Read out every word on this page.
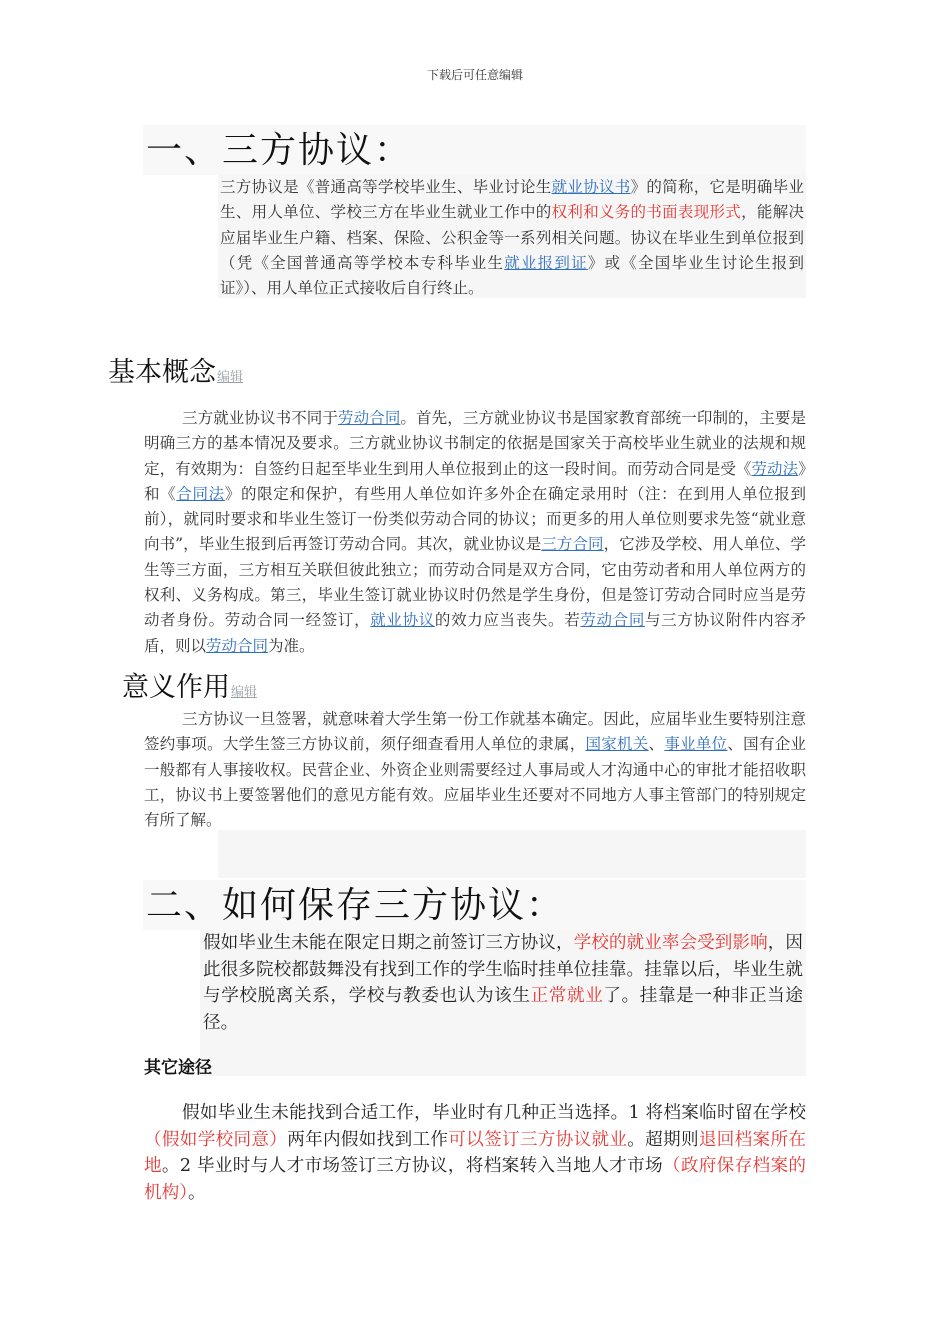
下载后可任意编辑
一、三方协议：
三方协议是《普通高等学校毕业生、毕业讨论生就业协议书》的简称，它是明确毕业生、用人单位、学校三方在毕业生就业工作中的权利和义务的书面表现形式，能解决应届毕业生户籍、档案、保险、公积金等一系列相关问题。协议在毕业生到单位报到（凭《全国普通高等学校本专科毕业生就业报到证》或《全国毕业生讨论生报到证》）、用人单位正式接收后自行终止。
基本概念编辑
三方就业协议书不同于劳动合同。首先，三方就业协议书是国家教育部统一印制的，主要是明确三方的基本情况及要求。三方就业协议书制定的依据是国家关于高校毕业生就业的法规和规定，有效期为：自签约日起至毕业生到用人单位报到止的这一段时间。而劳动合同是受《劳动法》和《合同法》的限定和保护，有些用人单位如许多外企在确定录用时（注：在到用人单位报到前），就同时要求和毕业生签订一份类似劳动合同的协议；而更多的用人单位则要求先签“就业意向书”，毕业生报到后再签订劳动合同。其次，就业协议是三方合同，它涉及学校、用人单位、学生等三方面，三方相互关联但彼此独立；而劳动合同是双方合同，它由劳动者和用人单位两方的权利、义务构成。第三，毕业生签订就业协议时仍然是学生身份，但是签订劳动合同时应当是劳动者身份。劳动合同一经签订，就业协议的效力应当丧失。若劳动合同与三方协议附件内容矛盾，则以劳动合同为准。
意义作用编辑
三方协议一旦签署，就意味着大学生第一份工作就基本确定。因此，应届毕业生要特别注意签约事项。大学生签三方协议前，须仔细查看用人单位的隶属，国家机关、事业单位、国有企业一般都有人事接收权。民营企业、外资企业则需要经过人事局或人才沟通中心的审批才能招收职工，协议书上要签署他们的意见方能有效。应届毕业生还要对不同地方人事主管部门的特别规定有所了解。
二、如何保存三方协议：
假如毕业生未能在限定日期之前签订三方协议，学校的就业率会受到影响，因此很多院校都鼓舞没有找到工作的学生临时挂单位挂靠。挂靠以后，毕业生就与学校脱离关系，学校与教委也认为该生正常就业了。挂靠是一种非正当途径。
其它途径
假如毕业生未能找到合适工作，毕业时有几种正当选择。1 将档案临时留在学校（假如学校同意）两年内假如找到工作可以签订三方协议就业。超期则退回档案所在地。2 毕业时与人才市场签订三方协议，将档案转入当地人才市场（政府保存档案的机构）。
